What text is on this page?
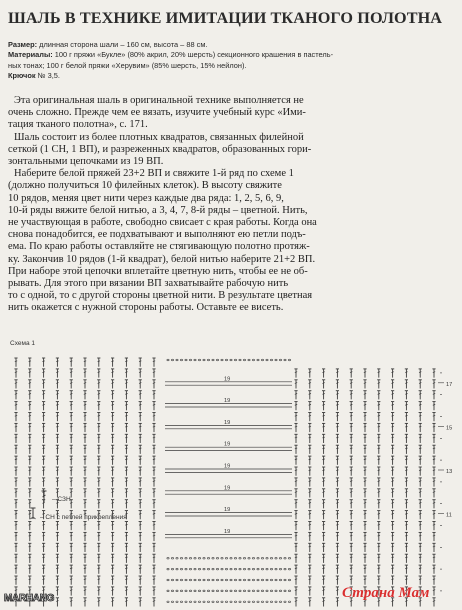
ШАЛЬ В ТЕХНИКЕ ИМИТАЦИИ ТКАНОГО ПОЛОТНА
Размер: длинная сторона шали – 160 см, высота – 88 см.
Материалы: 100 г пряжи «Букле» (80% акрил, 20% шерсть) секционного крашения в пастель-
ных тонах; 100 г белой пряжи «Херувим» (85% шерсть, 15% нейлон).
Крючок № 3,5.
Эта оригинальная шаль в оригинальной технике выполняется не
очень сложно. Прежде чем ее вязать, изучите учебный курс «Ими-
тация тканого полотна», с. 171.
Шаль состоит из более плотных квадратов, связанных филейной
сеткой (1 СН, 1 ВП), и разреженных квадратов, образованных гори-
зонтальными цепочками из 19 ВП.
Наберите белой пряжей 23+2 ВП и свяжите 1-й ряд по схеме 1
(должно получиться 10 филейных клеток). В высоту свяжите
10 рядов, меняя цвет нити через каждые два ряда: 1, 2, 5, 6, 9,
10-й ряды вяжите белой нитью, а 3, 4, 7, 8-й ряды – цветной. Нить,
не участвующая в работе, свободно свисает с края работы. Когда она
снова понадобится, ее подхватывают и выполняют ею петли подъ-
ема. По краю работы оставляйте не стягивающую полотно протяж-
ку. Закончив 10 рядов (1-й квадрат), белой нитью наберите 21+2 ВП.
При наборе этой цепочки вплетайте цветную нить, чтобы ее не об-
рывать. Для этого при вязании ВП захватывайте рабочую нить
то с одной, то с другой стороны цветной нити. В результате цветная
нить окажется с нужной стороны работы. Оставьте ее висеть.
Схема 1
19
19
19
19
19
19
19
19
17
15
13
11
– СЗН
– СН с петлей прикрепления
MARHANG	Страна Мам
